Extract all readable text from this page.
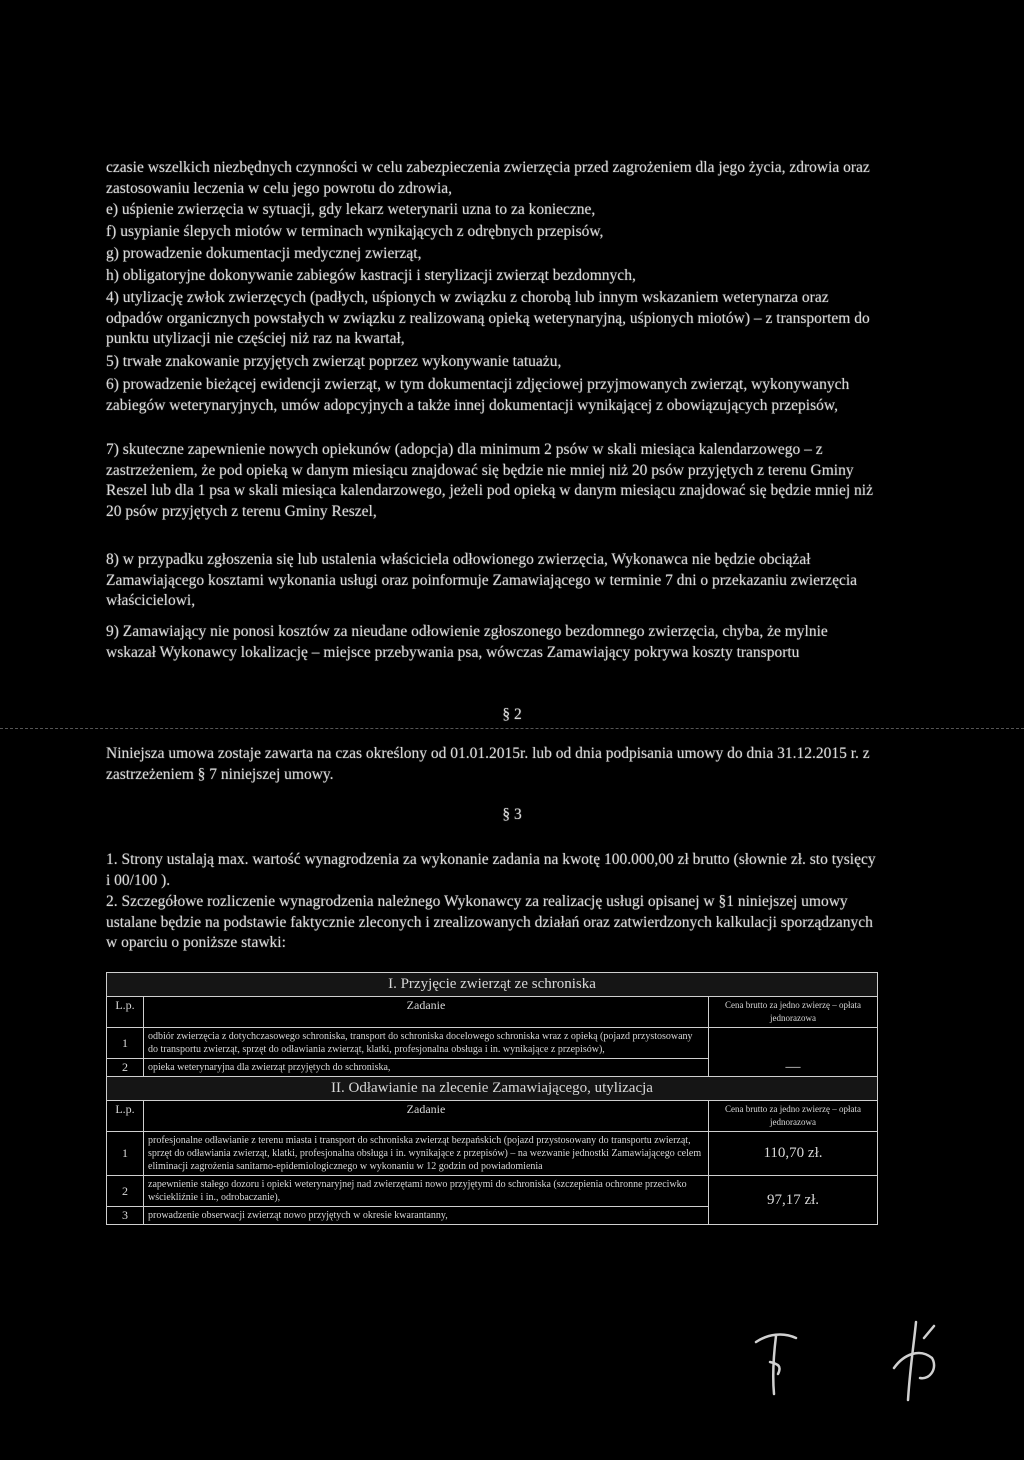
czasie wszelkich niezbędnych czynności w celu zabezpieczenia zwierzęcia przed zagrożeniem dla jego życia, zdrowia oraz zastosowaniu leczenia w celu jego powrotu do zdrowia,

e) uśpienie zwierzęcia w sytuacji, gdy lekarz weterynarii uzna to za konieczne,

f) usypianie ślepych miotów w terminach wynikających z odrębnych przepisów,

g) prowadzenie dokumentacji medycznej zwierząt,

h) obligatoryjne dokonywanie zabiegów kastracji i sterylizacji zwierząt bezdomnych,

4) utylizację zwłok zwierzęcych (padłych, uśpionych w związku z chorobą lub innym wskazaniem weterynarza oraz odpadów organicznych powstałych w związku z realizowaną opieką weterynaryjną, uśpionych miotów) – z transportem do punktu utylizacji nie częściej niż raz na kwartał,

5) trwałe znakowanie przyjętych zwierząt poprzez wykonywanie tatuażu,

6) prowadzenie bieżącej ewidencji zwierząt, w tym dokumentacji zdjęciowej przyjmowanych zwierząt, wykonywanych zabiegów weterynaryjnych, umów adopcyjnych a także innej dokumentacji wynikającej z obowiązujących przepisów,

7) skuteczne zapewnienie nowych opiekunów (adopcja) dla minimum 2 psów w skali miesiąca kalendarzowego – z zastrzeżeniem, że pod opieką w danym miesiącu znajdować się będzie nie mniej niż 20 psów przyjętych z terenu Gminy Reszel lub dla 1 psa w skali miesiąca kalendarzowego, jeżeli pod opieką w danym miesiącu znajdować się będzie mniej niż 20 psów przyjętych z terenu Gminy Reszel,

8) w przypadku zgłoszenia się lub ustalenia właściciela odłowionego zwierzęcia, Wykonawca nie będzie obciążał Zamawiającego kosztami wykonania usługi oraz poinformuje Zamawiającego w terminie 7 dni o przekazaniu zwierzęcia właścicielowi,

9) Zamawiający nie ponosi kosztów za nieudane odłowienie zgłoszonego bezdomnego zwierzęcia, chyba, że mylnie wskazał Wykonawcy lokalizację – miejsce przebywania psa, wówczas Zamawiający pokrywa koszty transportu

§ 2

Niniejsza umowa zostaje zawarta na czas określony od 01.01.2015r. lub od dnia podpisania umowy do dnia 31.12.2015 r. z zastrzeżeniem § 7 niniejszej umowy.

§ 3

1. Strony ustalają max. wartość wynagrodzenia za wykonanie zadania na kwotę 100.000,00 zł brutto (słownie zł. sto tysięcy i 00/100 ).

2. Szczegółowe rozliczenie wynagrodzenia należnego Wykonawcy za realizację usługi opisanej w §1 niniejszej umowy ustalane będzie na podstawie faktycznie zleconych i zrealizowanych działań oraz zatwierdzonych kalkulacji sporządzanych w oparciu o poniższe stawki:

I. Przyjęcie zwierząt ze schroniska		
L.p.	Zadanie	Cena brutto za jedno zwierzę – opłata jednorazowa
1	odbiór zwierzęcia z dotychczasowego schroniska, transport do schroniska docelowego schroniska wraz z opieką (pojazd przystosowany do transportu zwierząt, sprzęt do odławiania zwierząt, klatki, profesjonalna obsługa i in. wynikające z przepisów),	—
2	opieka weterynaryjna dla zwierząt przyjętych do schroniska,	
II. Odławianie na zlecenie Zamawiającego, utylizacja		
L.p.	Zadanie	Cena brutto za jedno zwierzę – opłata jednorazowa
1	profesjonalne odławianie z terenu miasta i transport do schroniska zwierząt bezpańskich (pojazd przystosowany do transportu zwierząt, sprzęt do odławiania zwierząt, klatki, profesjonalna obsługa i in. wynikające z przepisów) – na wezwanie jednostki Zamawiającego celem eliminacji zagrożenia sanitarno-epidemiologicznego w wykonaniu w 12 godzin od powiadomienia	110,70 zł.
2	zapewnienie stałego dozoru i opieki weterynaryjnej nad zwierzętami nowo przyjętymi do schroniska (szczepienia ochronne przeciwko wściekliźnie i in., odrobaczanie),	97,17 zł.
3	prowadzenie obserwacji zwierząt nowo przyjętych w okresie kwarantanny,	
